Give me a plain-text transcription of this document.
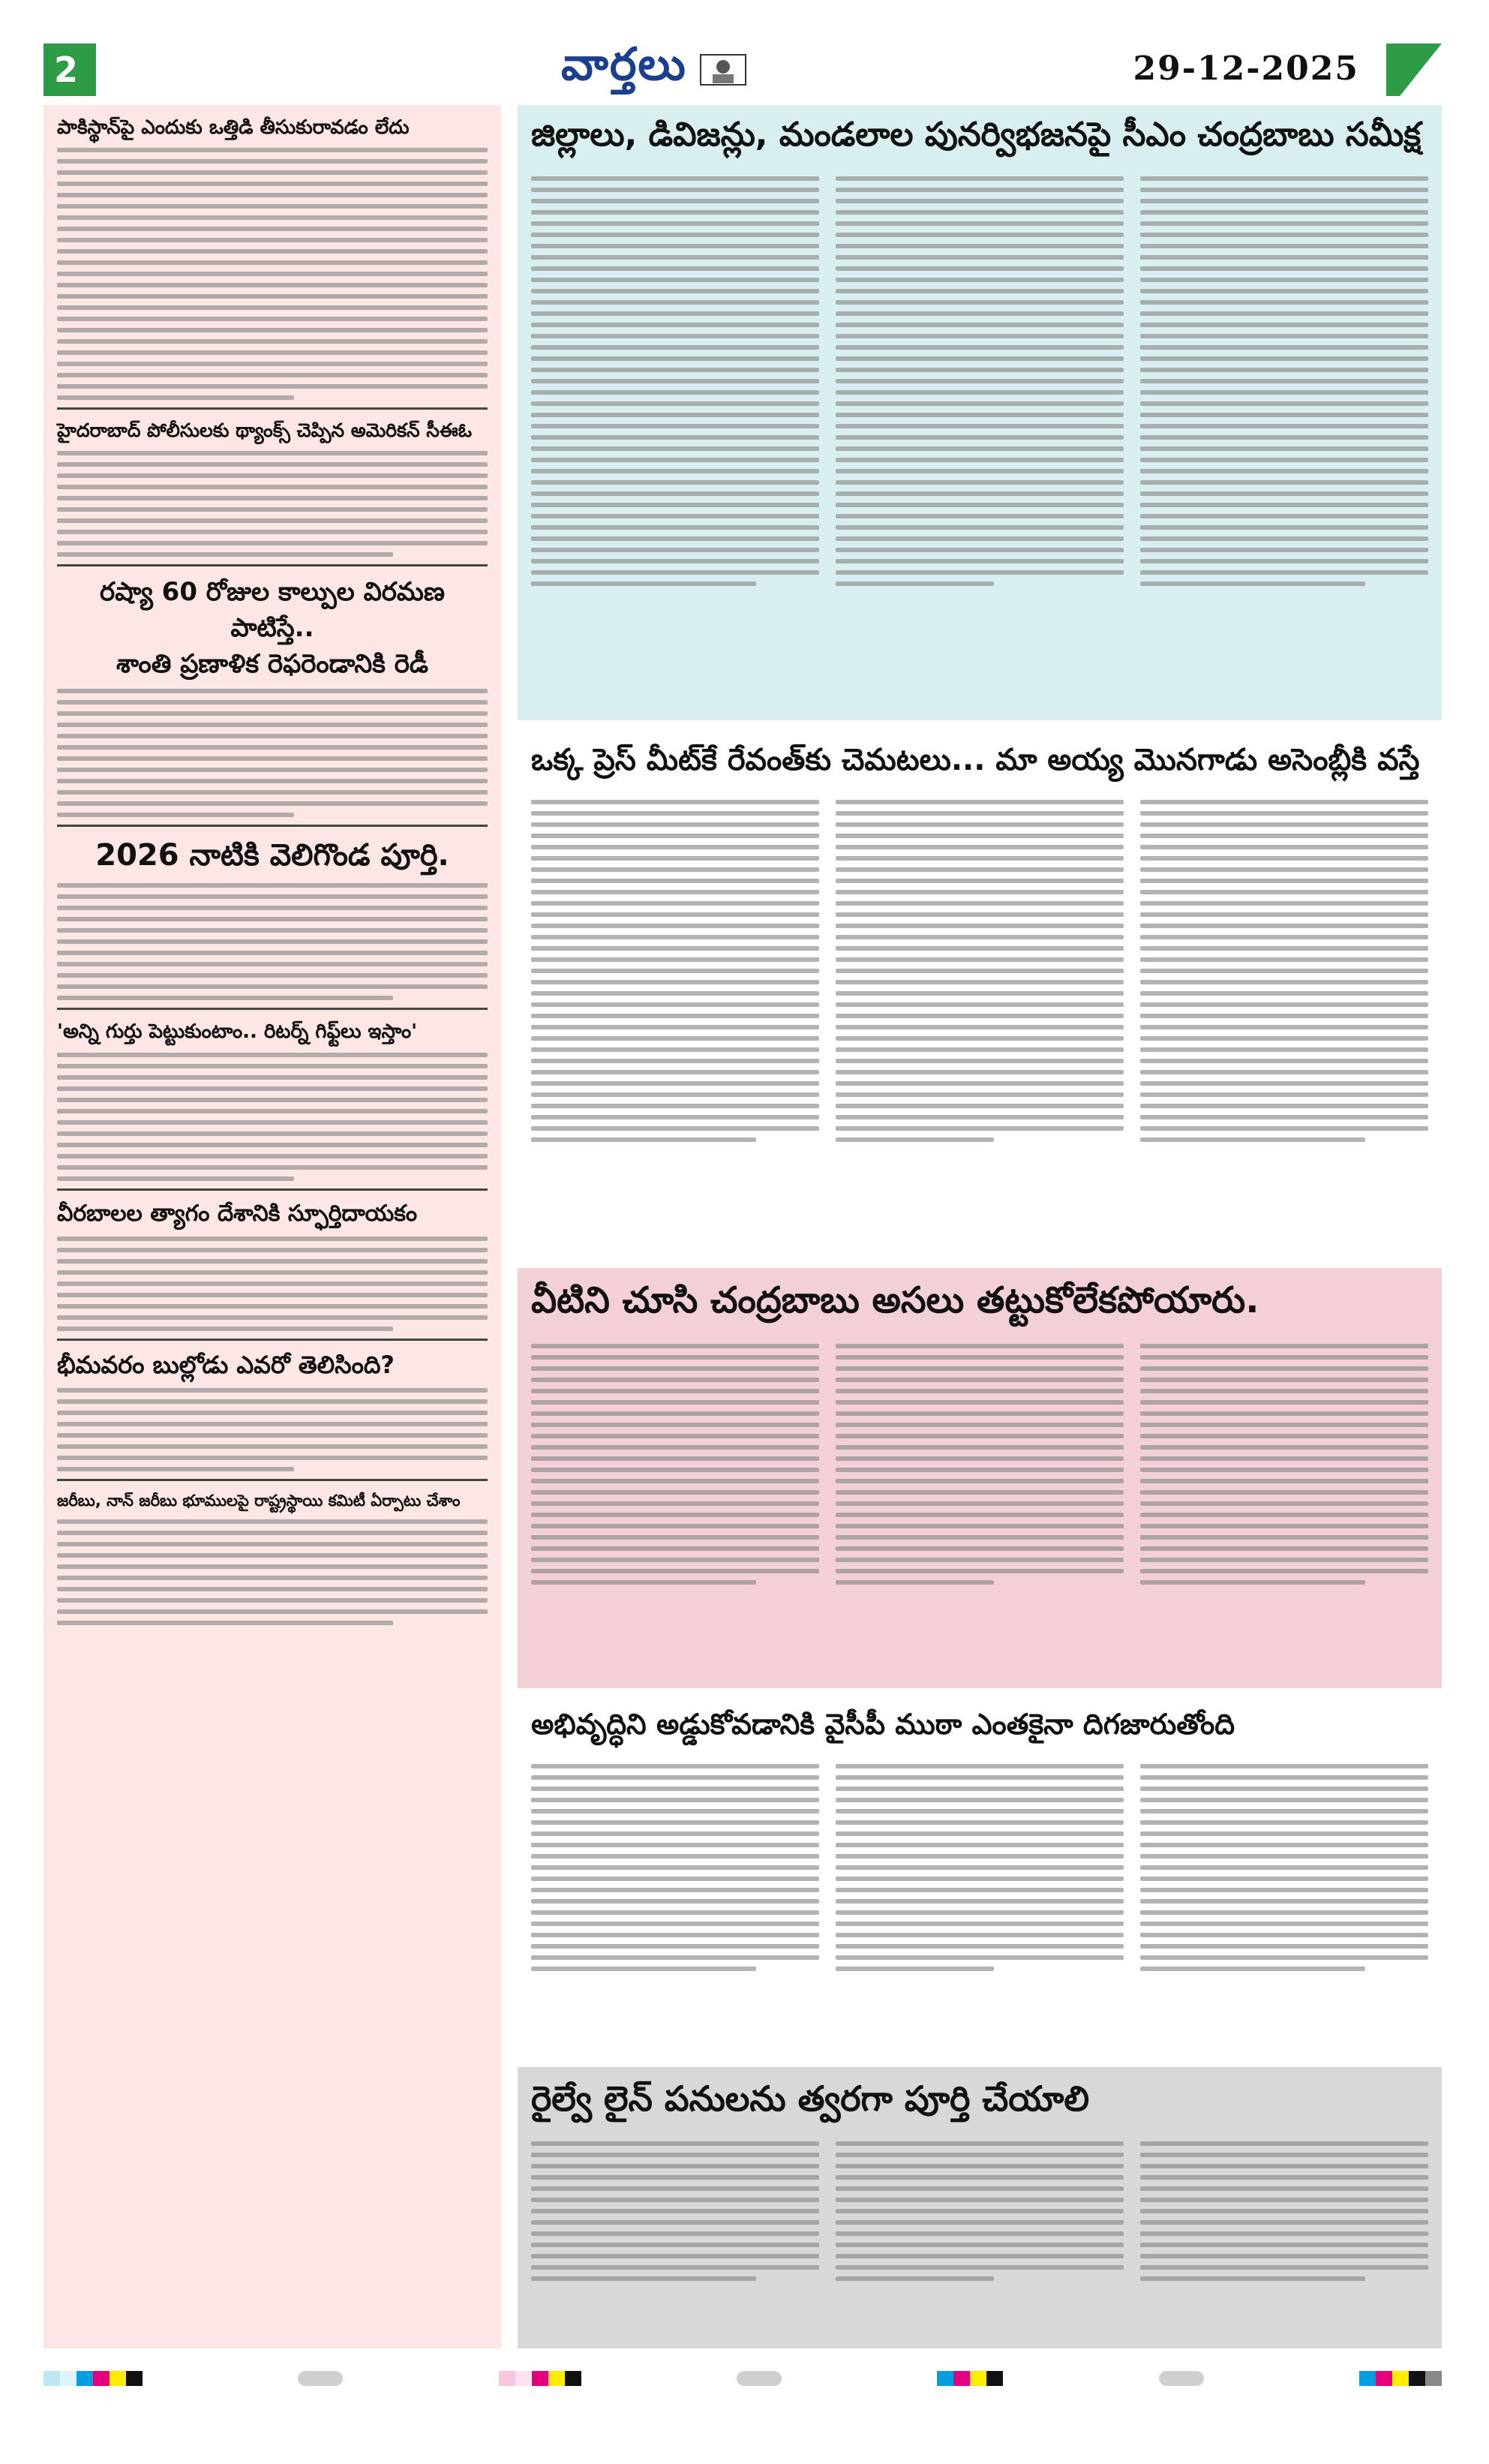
2	వార్తలు	29-12-2025
పాకిస్థాన్‌పై ఎందుకు ఒత్తిడి తీసుకురావడం లేదు
హైదరాబాద్ పోలీసులకు థ్యాంక్స్ చెప్పిన అమెరికన్ సీఈఓ
రష్యా 60 రోజుల కాల్పుల విరమణ పాటిస్తే..
శాంతి ప్రణాళిక రెఫరెండానికి రెడీ
2026 నాటికి వెలిగొండ పూర్తి.
'అన్ని గుర్తు పెట్టుకుంటాం.. రిటర్న్ గిఫ్ట్‌లు ఇస్తాం'
వీరబాలల త్యాగం దేశానికి స్ఫూర్తిదాయకం
భీమవరం బుల్లోడు ఎవరో తెలిసింది?
జరీబు, నాన్ జరీబు భూములపై రాష్ట్రస్థాయి కమిటీ ఏర్పాటు చేశాం
జిల్లాలు, డివిజన్లు, మండలాల పునర్విభజనపై సీఎం చంద్రబాబు సమీక్ష
ఒక్క ప్రెస్ మీట్‌కే రేవంత్‌కు చెమటలు... మా అయ్య మొనగాడు అసెంబ్లీకి వస్తే
వీటిని చూసి చంద్రబాబు అసలు తట్టుకోలేకపోయారు.
అభివృద్ధిని అడ్డుకోవడానికి వైసీపీ ముఠా ఎంతకైనా దిగజారుతోంది
రైల్వే లైన్ పనులను త్వరగా పూర్తి చేయాలి
